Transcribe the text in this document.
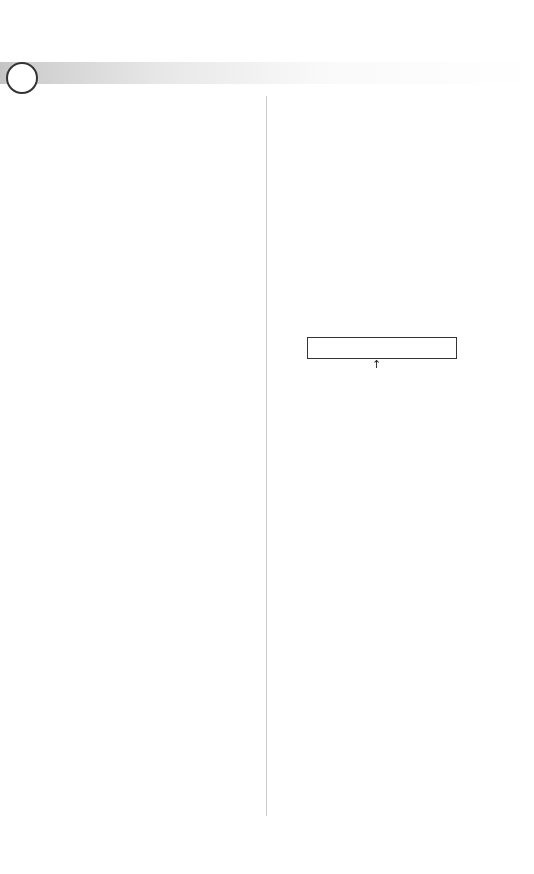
↑
